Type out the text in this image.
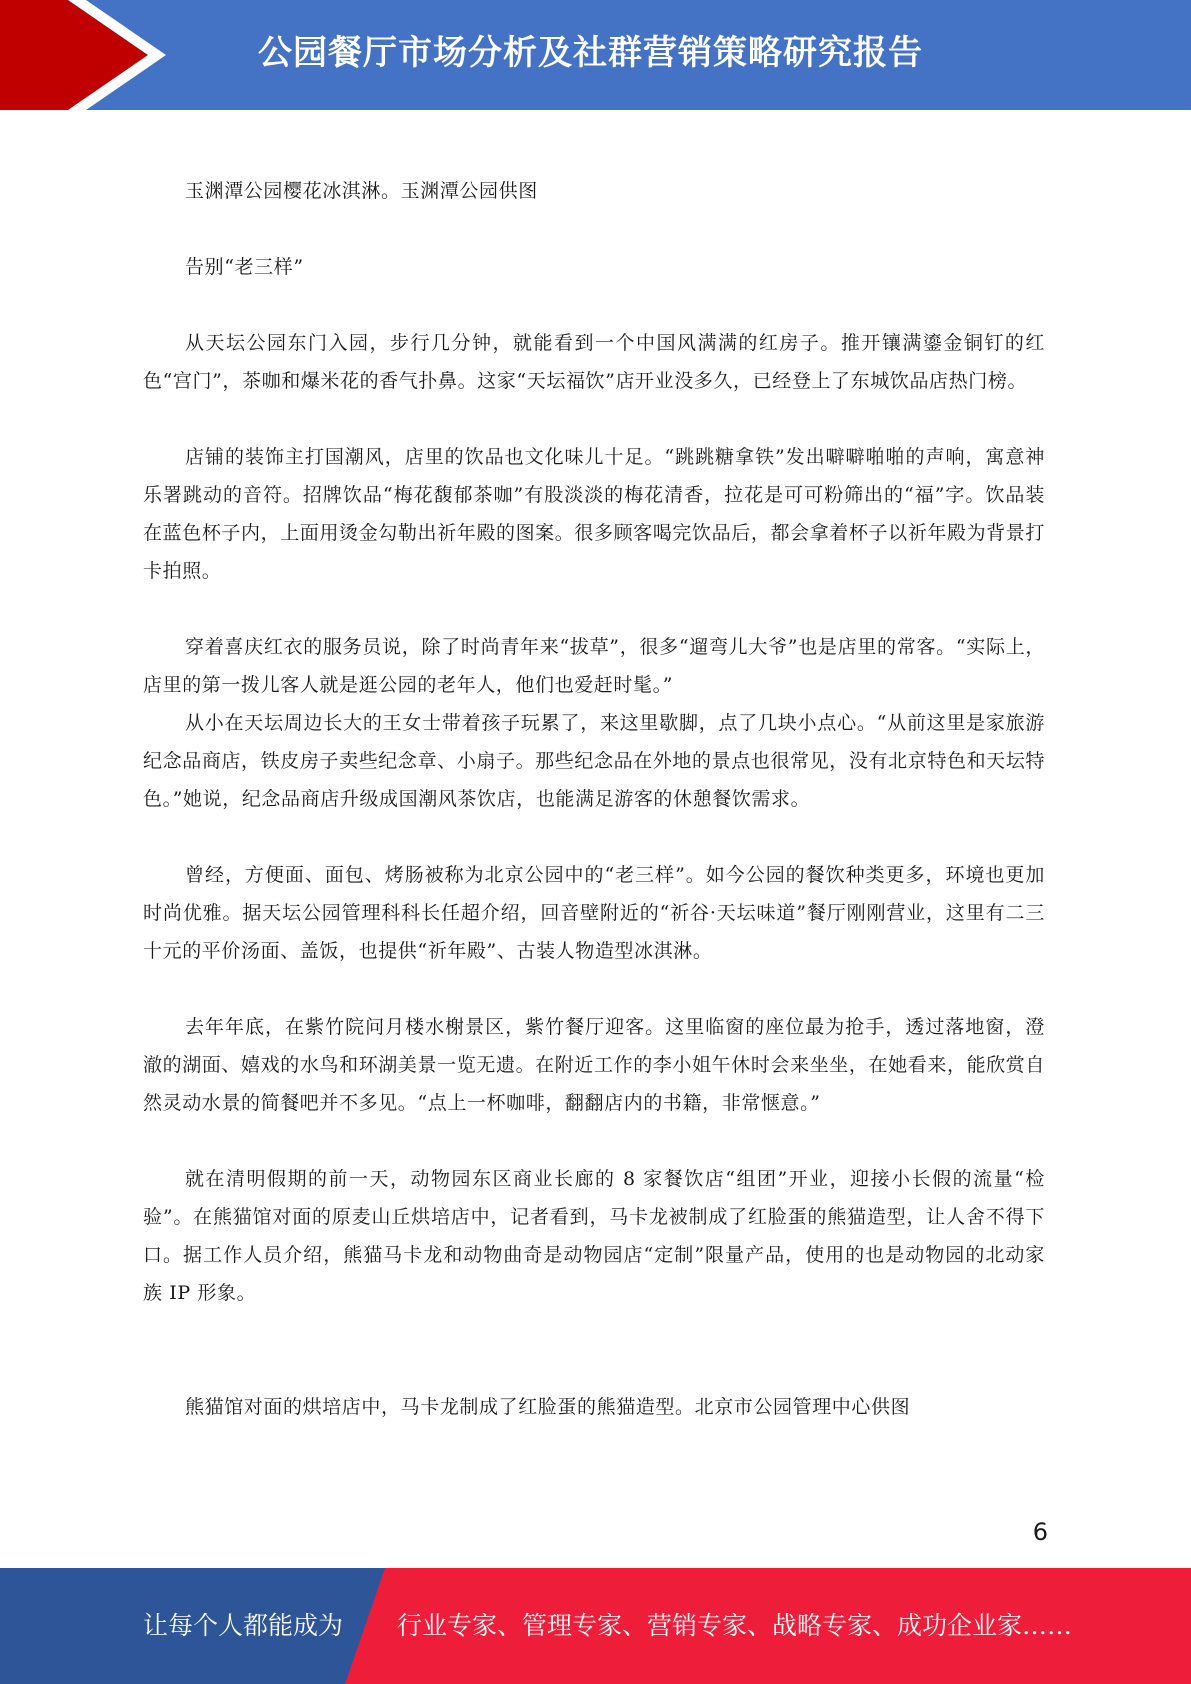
公园餐厅市场分析及社群营销策略研究报告

玉渊潭公园樱花冰淇淋。玉渊潭公园供图

告别“老三样”

从天坛公园东门入园，步行几分钟，就能看到一个中国风满满的红房子。推开镶满鎏金铜钉的红色“宫门”，茶咖和爆米花的香气扑鼻。这家“天坛福饮”店开业没多久，已经登上了东城饮品店热门榜。

店铺的装饰主打国潮风，店里的饮品也文化味儿十足。“跳跳糖拿铁”发出噼噼啪啪的声响，寓意神乐署跳动的音符。招牌饮品“梅花馥郁茶咖”有股淡淡的梅花清香，拉花是可可粉筛出的“福”字。饮品装在蓝色杯子内，上面用烫金勾勒出祈年殿的图案。很多顾客喝完饮品后，都会拿着杯子以祈年殿为背景打卡拍照。

穿着喜庆红衣的服务员说，除了时尚青年来“拔草”，很多“遛弯儿大爷”也是店里的常客。“实际上，店里的第一拨儿客人就是逛公园的老年人，他们也爱赶时髦。”

从小在天坛周边长大的王女士带着孩子玩累了，来这里歇脚，点了几块小点心。“从前这里是家旅游纪念品商店，铁皮房子卖些纪念章、小扇子。那些纪念品在外地的景点也很常见，没有北京特色和天坛特色。”她说，纪念品商店升级成国潮风茶饮店，也能满足游客的休憩餐饮需求。

曾经，方便面、面包、烤肠被称为北京公园中的“老三样”。如今公园的餐饮种类更多，环境也更加时尚优雅。据天坛公园管理科科长任超介绍，回音壁附近的“祈谷·天坛味道”餐厅刚刚营业，这里有二三十元的平价汤面、盖饭，也提供“祈年殿”、古装人物造型冰淇淋。

去年年底，在紫竹院问月楼水榭景区，紫竹餐厅迎客。这里临窗的座位最为抢手，透过落地窗，澄澈的湖面、嬉戏的水鸟和环湖美景一览无遗。在附近工作的李小姐午休时会来坐坐，在她看来，能欣赏自然灵动水景的简餐吧并不多见。“点上一杯咖啡，翻翻店内的书籍，非常惬意。”

就在清明假期的前一天，动物园东区商业长廊的 8 家餐饮店“组团”开业，迎接小长假的流量“检验”。在熊猫馆对面的原麦山丘烘培店中，记者看到，马卡龙被制成了红脸蛋的熊猫造型，让人舍不得下口。据工作人员介绍，熊猫马卡龙和动物曲奇是动物园店“定制”限量产品，使用的也是动物园的北动家族 IP 形象。

熊猫馆对面的烘培店中，马卡龙制成了红脸蛋的熊猫造型。北京市公园管理中心供图

6
让每个人都能成为 行业专家、管理专家、营销专家、战略专家、成功企业家……
